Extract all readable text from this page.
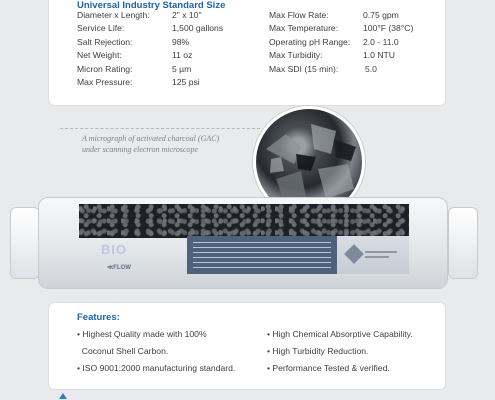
Universal Industry Standard Size
Diameter x Length:	2" x 10"
Service Life:	1,500 gallons
Salt Rejection:	98%
Net Weight:	11 oz
Micron Rating:	5 µm
Max Pressure:	125 psi
Max Flow Rate:	0.75 gpm
Max Temperature:	100°F (38°C)
Operating pH Range: 2.0 - 11.0
Max Turbidity:	1.0 NTU
Max SDI (15 min):	5.0
A micrograph of activated charcoal (GAC)
under scanning electron microscope
BIO
≪FLOW
Features:
• Highest Quality made with 100%
Coconut Shell Carbon.
• ISO 9001:2000 manufacturing standard.
• High Chemical Absorptive Capability.
• High Turbidity Reduction.
• Performance Tested & verified.
